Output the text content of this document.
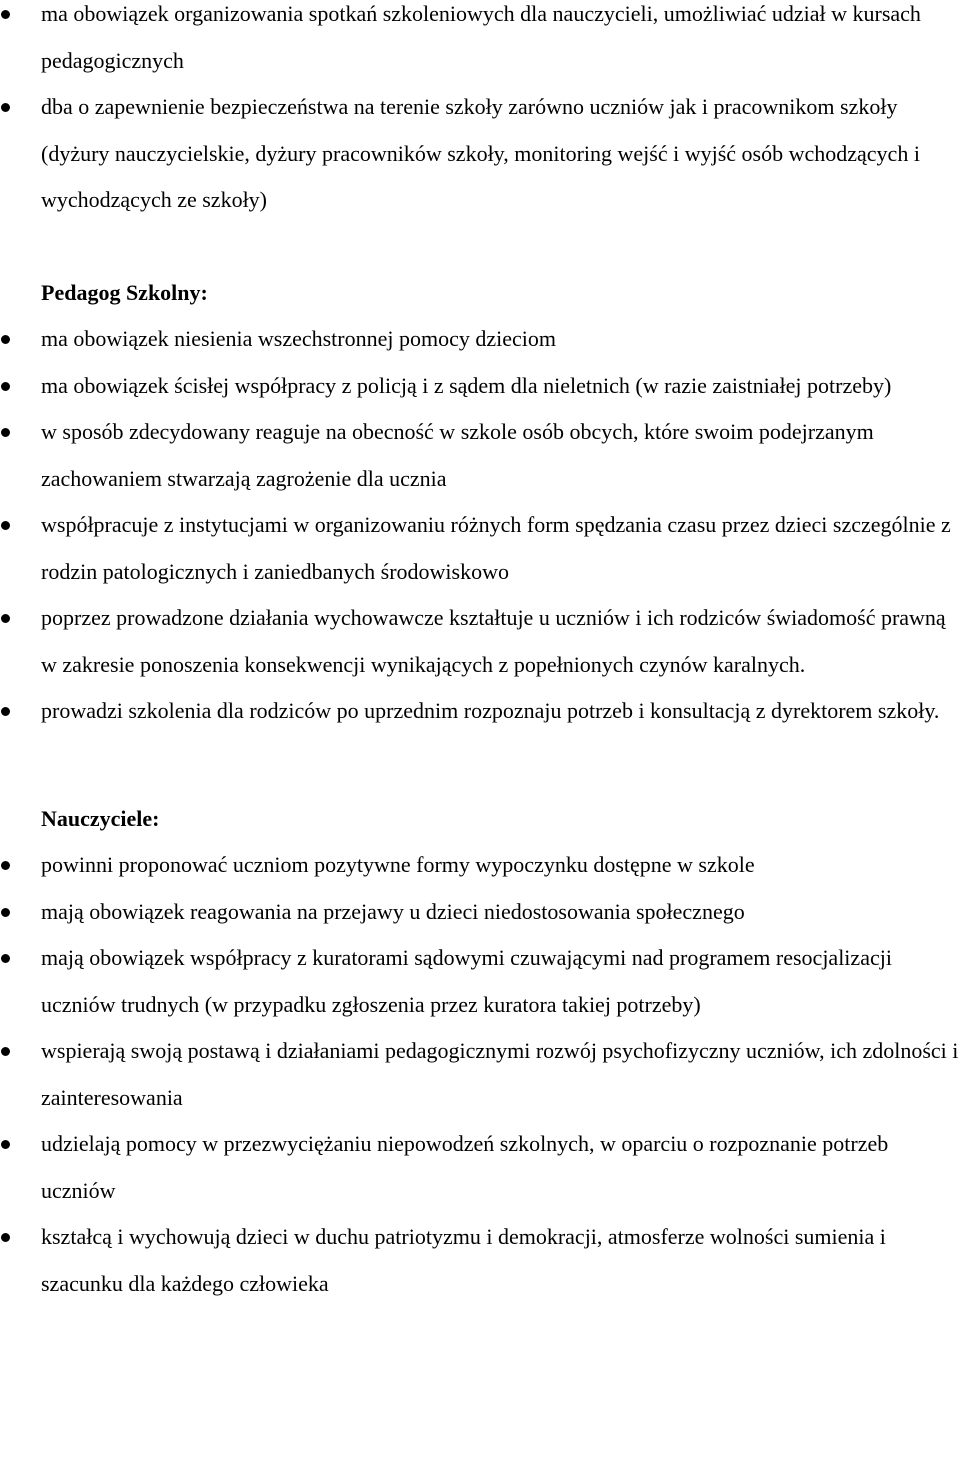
ma obowiązek organizowania spotkań szkoleniowych dla nauczycieli, umożliwiać udział w kursach pedagogicznych
dba o zapewnienie bezpieczeństwa na terenie szkoły zarówno uczniów jak i pracownikom szkoły (dyżury nauczycielskie, dyżury pracowników szkoły, monitoring wejść i wyjść osób wchodzących i wychodzących ze szkoły)

Pedagog Szkolny:

ma obowiązek niesienia wszechstronnej pomocy dzieciom
ma obowiązek ścisłej współpracy z policją i z sądem dla nieletnich (w razie zaistniałej potrzeby)
w sposób zdecydowany reaguje na obecność w szkole osób obcych, które swoim podejrzanym zachowaniem stwarzają zagrożenie dla ucznia
współpracuje z instytucjami w organizowaniu różnych form spędzania czasu przez dzieci szczególnie z rodzin patologicznych i zaniedbanych środowiskowo
poprzez prowadzone działania wychowawcze kształtuje u uczniów i ich rodziców świadomość prawną w zakresie ponoszenia konsekwencji wynikających z popełnionych czynów karalnych.
prowadzi szkolenia dla rodziców po uprzednim rozpoznaju potrzeb i konsultacją z dyrektorem szkoły.

Nauczyciele:

powinni proponować uczniom pozytywne formy wypoczynku dostępne w szkole
mają obowiązek reagowania na przejawy u dzieci niedostosowania społecznego
mają obowiązek współpracy z kuratorami sądowymi czuwającymi nad programem resocjalizacji uczniów trudnych (w przypadku zgłoszenia przez kuratora takiej potrzeby)
wspierają swoją postawą i działaniami pedagogicznymi rozwój psychofizyczny uczniów, ich zdolności i zainteresowania
udzielają pomocy w przezwyciężaniu niepowodzeń szkolnych, w oparciu o rozpoznanie potrzeb uczniów
kształcą i wychowują dzieci w duchu patriotyzmu i demokracji, atmosferze wolności sumienia i szacunku dla każdego człowieka
